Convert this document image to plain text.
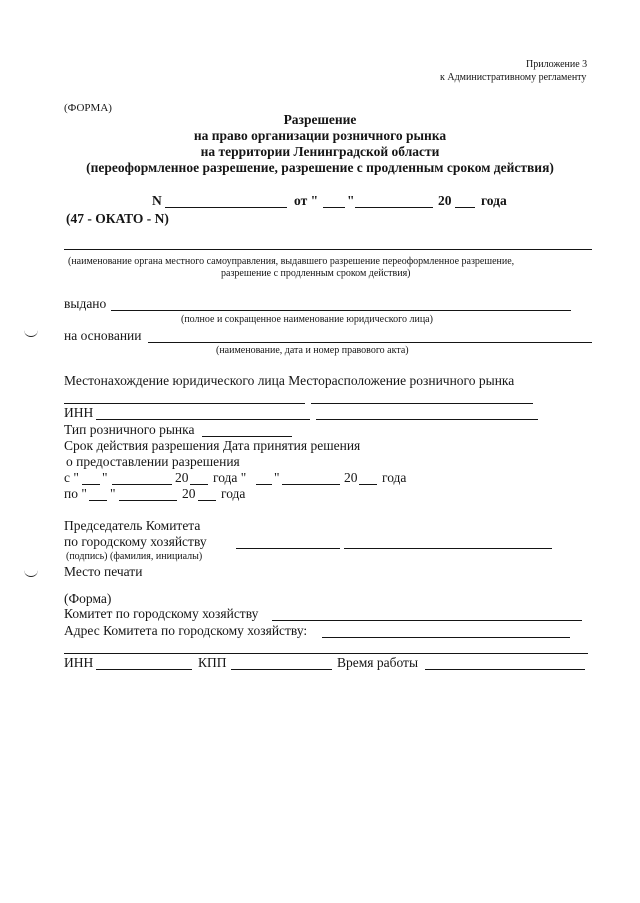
Приложение 3
к Административному регламенту
(ФОРМА)
Разрешение
на право организации розничного рынка
на территории Ленинградской области
(переоформленное разрешение, разрешение с продленным сроком действия)
N	от " "	20 года
(47 - ОКАТО - N)
(наименование органа местного самоуправления, выдавшего разрешение переоформленное разрешение,
разрешение с продленным сроком действия)
выдано
(полное и сокращенное наименование юридического лица)
на основании
(наименование, дата и номер правового акта)
Местонахождение юридического лица Месторасположение розничного рынка
ИНН
Тип розничного рынка
Срок действия разрешения Дата принятия решения
о предоставлении разрешения
с " "	20 года " "	20 года
по " "	20 года
Председатель Комитета
по городскому хозяйству
(подпись) (фамилия, инициалы)
Место печати
(Форма)
Комитет по городскому хозяйству
Адрес Комитета по городскому хозяйству:
ИНН	КПП	Время работы
